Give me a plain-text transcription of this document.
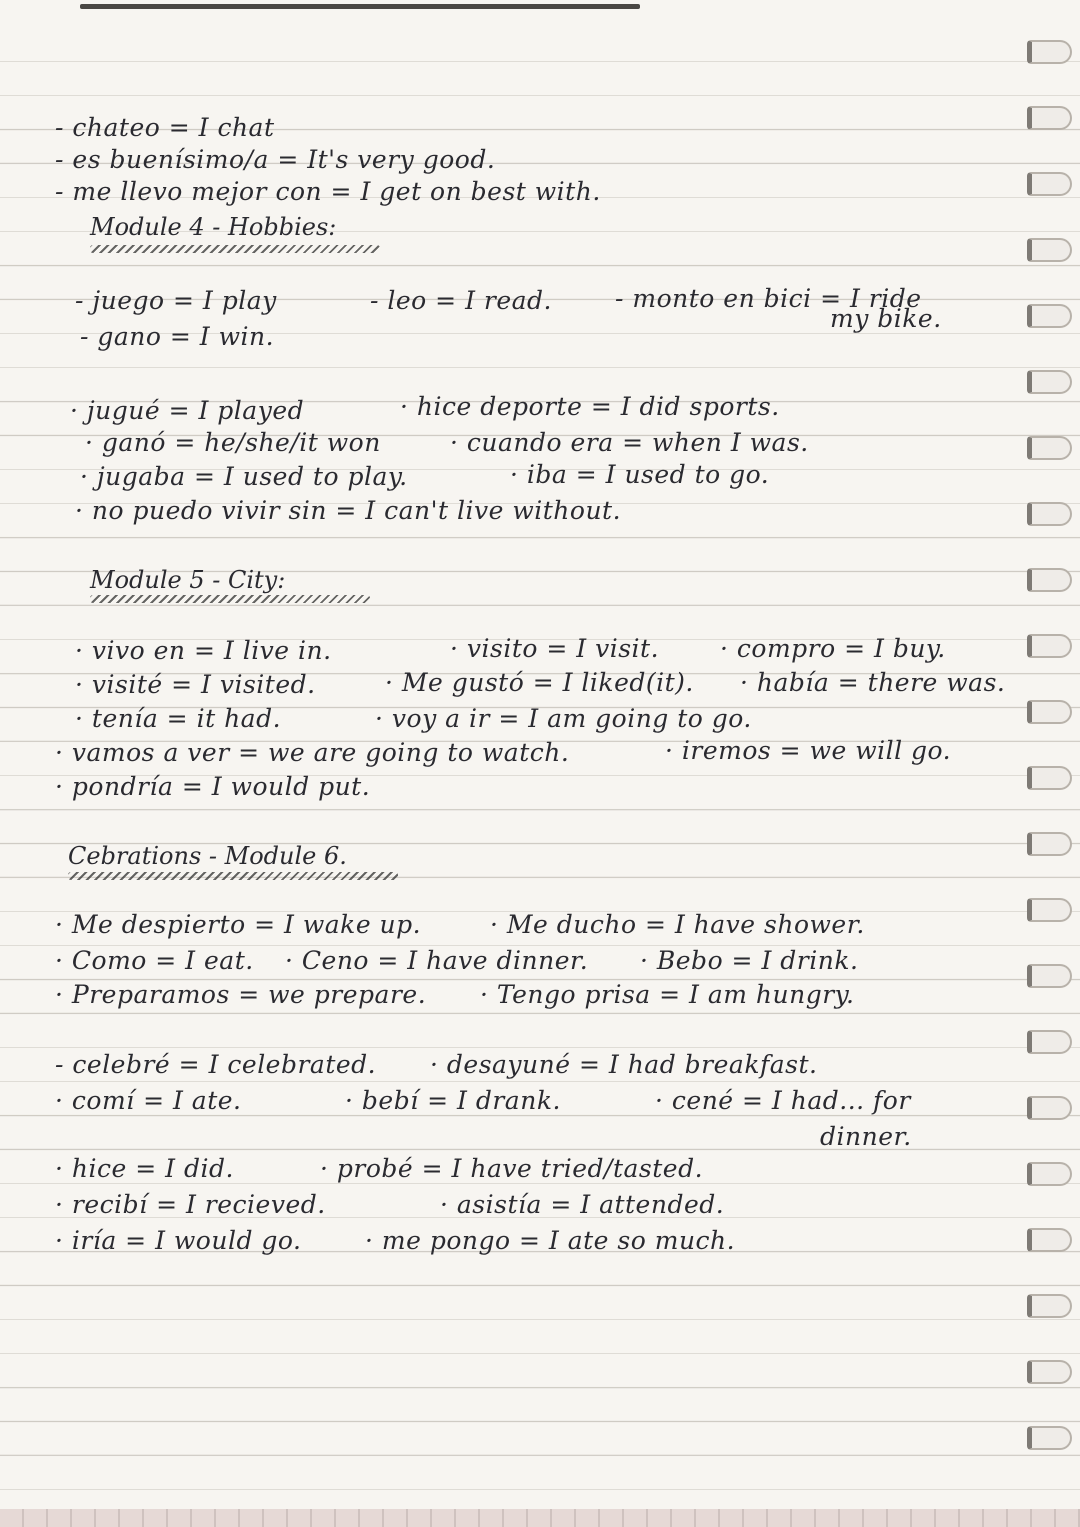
- chateo = I chat
- es buenísimo/a = It's very good.
- me llevo mejor con = I get on best with.
Module 4 - Hobbies:
- juego = I play	- leo = I read.	- monto en bici = I ride
my bike.
- gano = I win.
· jugué = I played	· hice deporte = I did sports.
· ganó = he/she/it won	· cuando era = when I was.
· jugaba = I used to play.	· iba = I used to go.
· no puedo vivir sin = I can't live without.
Module 5 - City:
· vivo en = I live in.	· visito = I visit. · compro = I buy.
· visité = I visited.	· Me gustó = I liked(it). · había = there was.
· tenía = it had.	· voy a ir = I am going to go.
· vamos a ver = we are going to watch.	· iremos = we will go.
· pondría = I would put.
Cebrations - Module 6.
· Me despierto = I wake up.	· Me ducho = I have shower.
· Como = I eat. · Ceno = I have dinner. · Bebo = I drink.
· Preparamos = we prepare. · Tengo prisa = I am hungry.
- celebré = I celebrated. · desayuné = I had breakfast.
· comí = I ate.	· bebí = I drank.	· cené = I had... for
dinner.
· hice = I did.	· probé = I have tried/tasted.
· recibí = I recieved.	· asistía = I attended.
· iría = I would go.	· me pongo = I ate so much.
